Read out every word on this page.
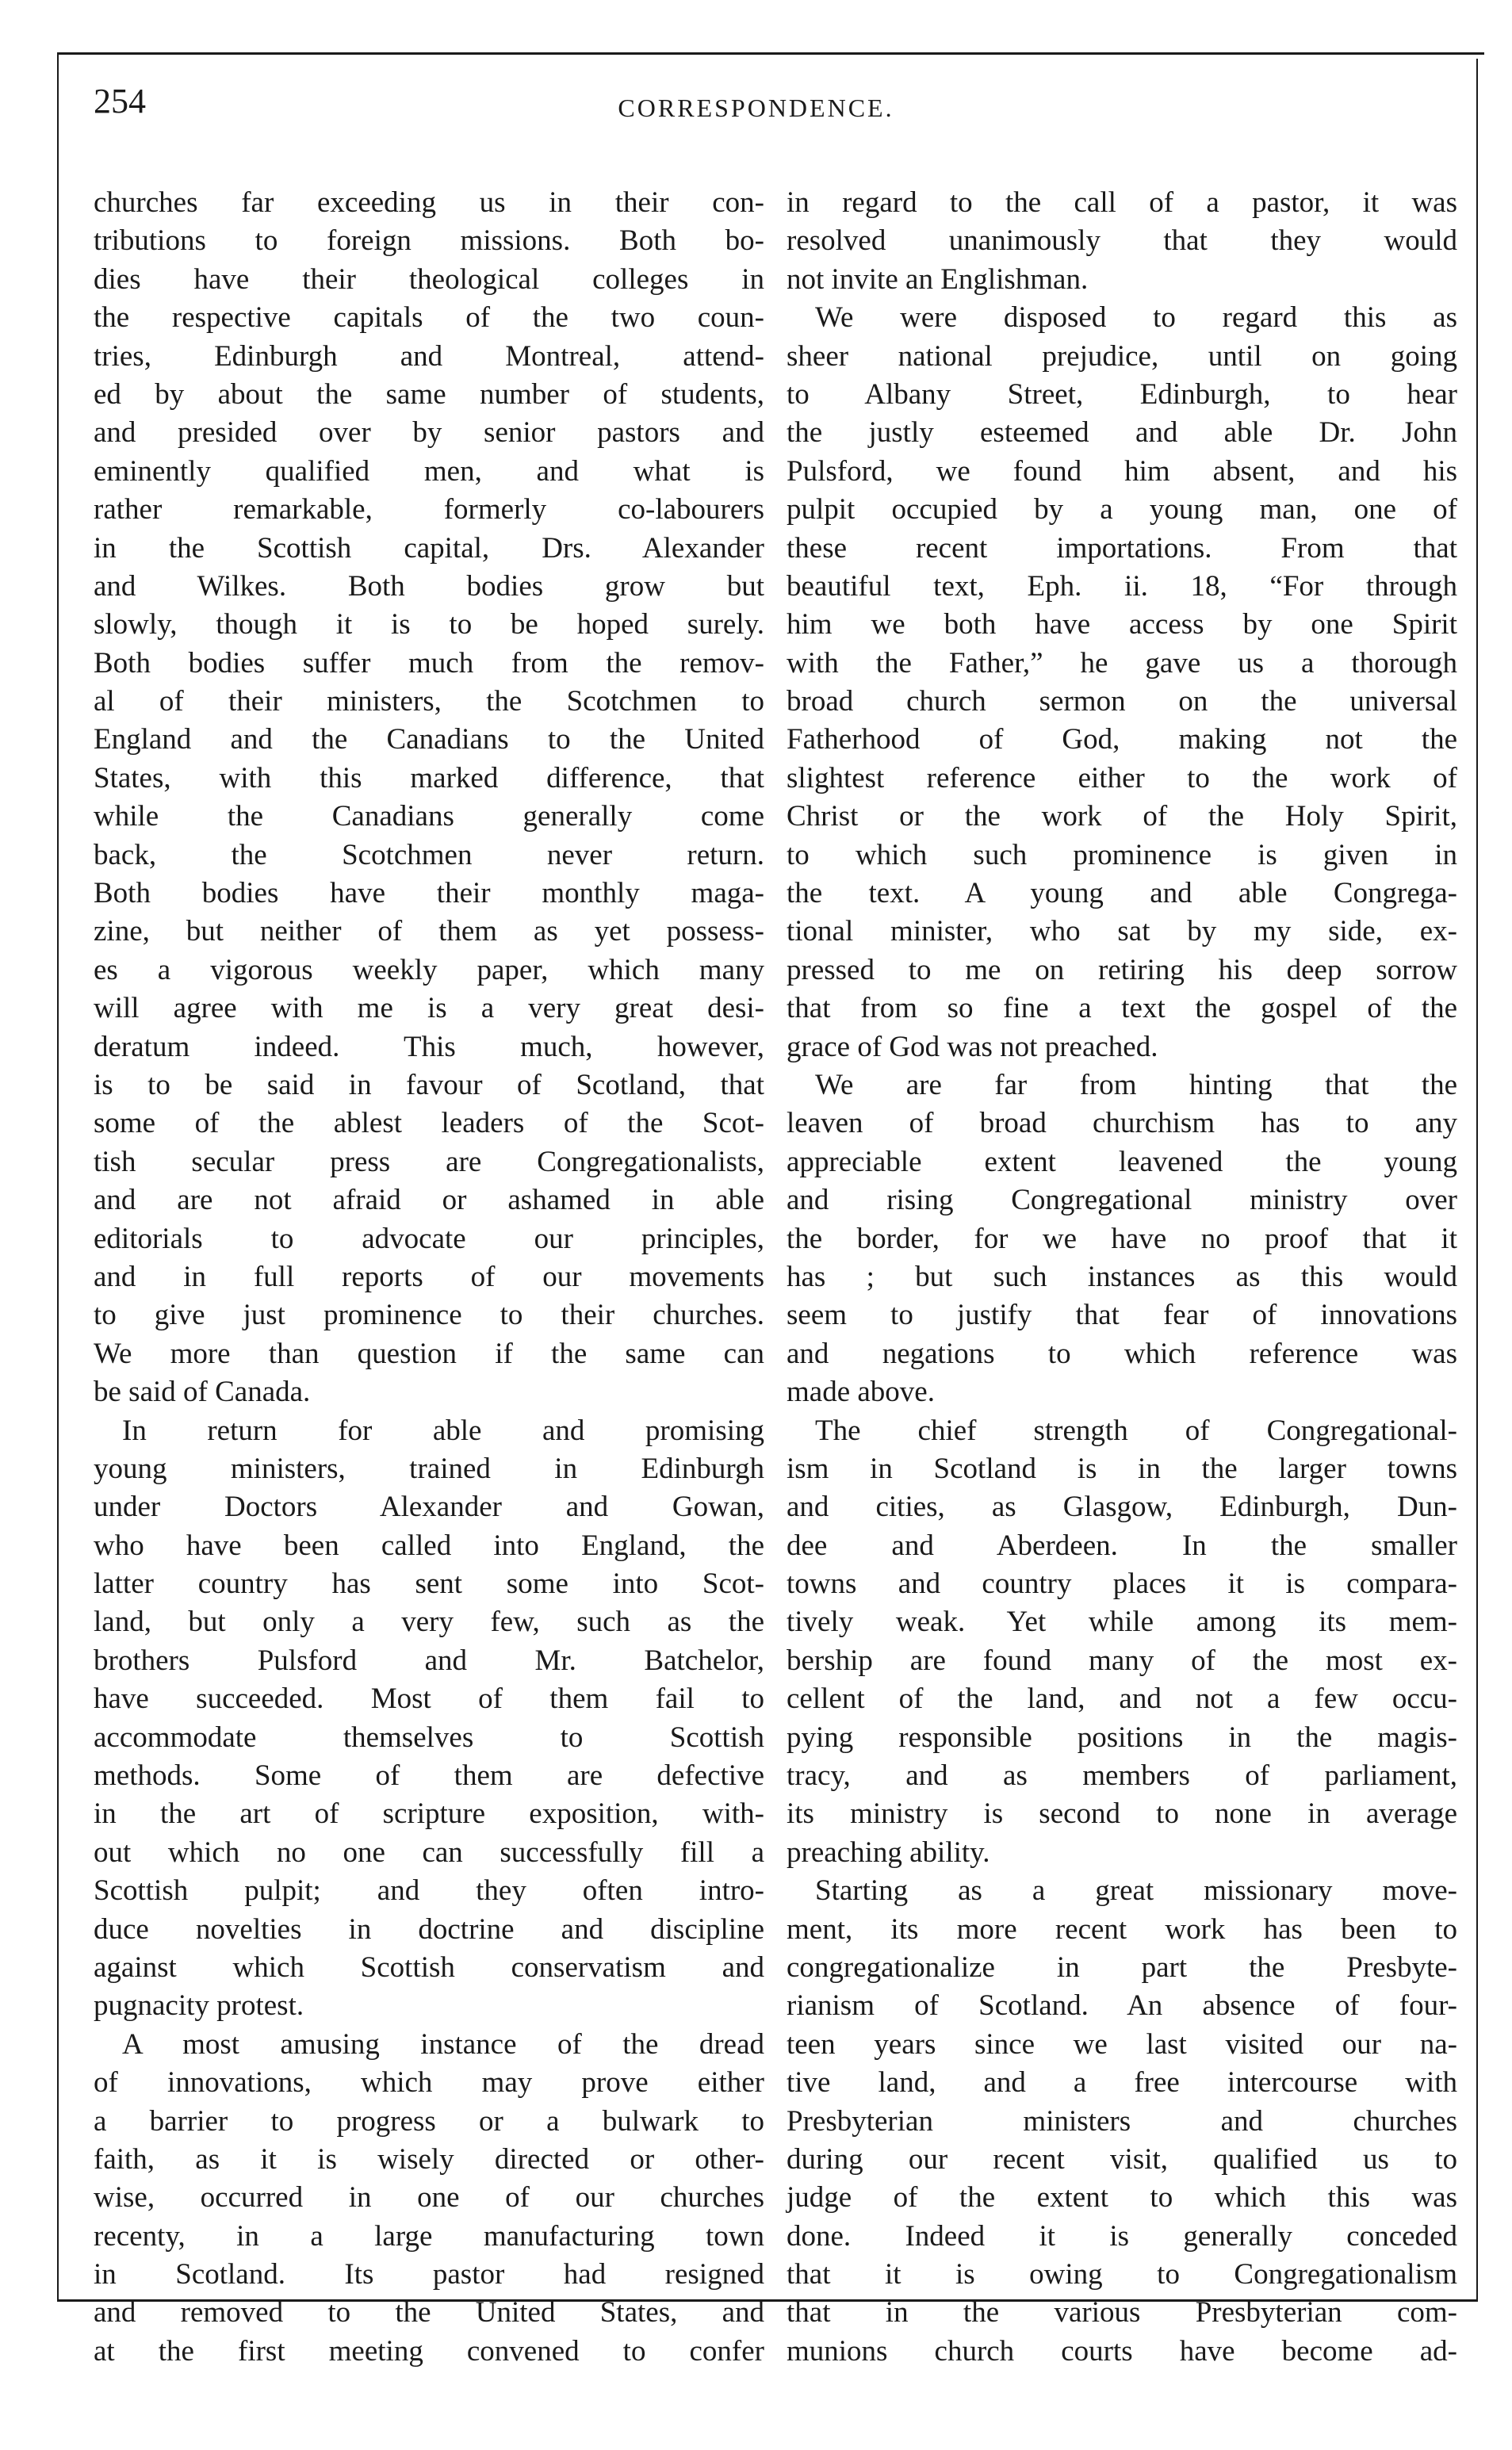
254	CORRESPONDENCE.
churches far exceeding us in their con-
tributions to foreign missions. Both bo-
dies have their theological colleges in
the respective capitals of the two coun-
tries, Edinburgh and Montreal, attend-
ed by about the same number of students,
and presided over by senior pastors and
eminently qualified men, and what is
rather remarkable, formerly co-labourers
in the Scottish capital, Drs. Alexander
and Wilkes. Both bodies grow but
slowly, though it is to be hoped surely.
Both bodies suffer much from the remov-
al of their ministers, the Scotchmen to
England and the Canadians to the United
States, with this marked difference, that
while the Canadians generally come
back, the Scotchmen never return.
Both bodies have their monthly maga-
zine, but neither of them as yet possess-
es a vigorous weekly paper, which many
will agree with me is a very great desi-
deratum indeed. This much, however,
is to be said in favour of Scotland, that
some of the ablest leaders of the Scot-
tish secular press are Congregationalists,
and are not afraid or ashamed in able
editorials to advocate our principles,
and in full reports of our movements
to give just prominence to their churches.
We more than question if the same can
be said of Canada.
In return for able and promising
young ministers, trained in Edinburgh
under Doctors Alexander and Gowan,
who have been called into England, the
latter country has sent some into Scot-
land, but only a very few, such as the
brothers Pulsford and Mr. Batchelor,
have succeeded. Most of them fail to
accommodate themselves to Scottish
methods. Some of them are defective
in the art of scripture exposition, with-
out which no one can successfully fill a
Scottish pulpit; and they often intro-
duce novelties in doctrine and discipline
against which Scottish conservatism and
pugnacity protest.
A most amusing instance of the dread
of innovations, which may prove either
a barrier to progress or a bulwark to
faith, as it is wisely directed or other-
wise, occurred in one of our churches
recenty, in a large manufacturing town
in Scotland. Its pastor had resigned
and removed to the United States, and
at the first meeting convened to confer
in regard to the call of a pastor, it was
resolved unanimously that they would
not invite an Englishman.
We were disposed to regard this as
sheer national prejudice, until on going
to Albany Street, Edinburgh, to hear
the justly esteemed and able Dr. John
Pulsford, we found him absent, and his
pulpit occupied by a young man, one of
these recent importations. From that
beautiful text, Eph. ii. 18, “For through
him we both have access by one Spirit
with the Father,” he gave us a thorough
broad church sermon on the universal
Fatherhood of God, making not the
slightest reference either to the work of
Christ or the work of the Holy Spirit,
to which such prominence is given in
the text. A young and able Congrega-
tional minister, who sat by my side, ex-
pressed to me on retiring his deep sorrow
that from so fine a text the gospel of the
grace of God was not preached.
We are far from hinting that the
leaven of broad churchism has to any
appreciable extent leavened the young
and rising Congregational ministry over
the border, for we have no proof that it
has ; but such instances as this would
seem to justify that fear of innovations
and negations to which reference was
made above.
The chief strength of Congregational-
ism in Scotland is in the larger towns
and cities, as Glasgow, Edinburgh, Dun-
dee and Aberdeen. In the smaller
towns and country places it is compara-
tively weak. Yet while among its mem-
bership are found many of the most ex-
cellent of the land, and not a few occu-
pying responsible positions in the magis-
tracy, and as members of parliament,
its ministry is second to none in average
preaching ability.
Starting as a great missionary move-
ment, its more recent work has been to
congregationalize in part the Presbyte-
rianism of Scotland. An absence of four-
teen years since we last visited our na-
tive land, and a free intercourse with
Presbyterian ministers and churches
during our recent visit, qualified us to
judge of the extent to which this was
done. Indeed it is generally conceded
that it is owing to Congregationalism
that in the various Presbyterian com-
munions church courts have become ad-
